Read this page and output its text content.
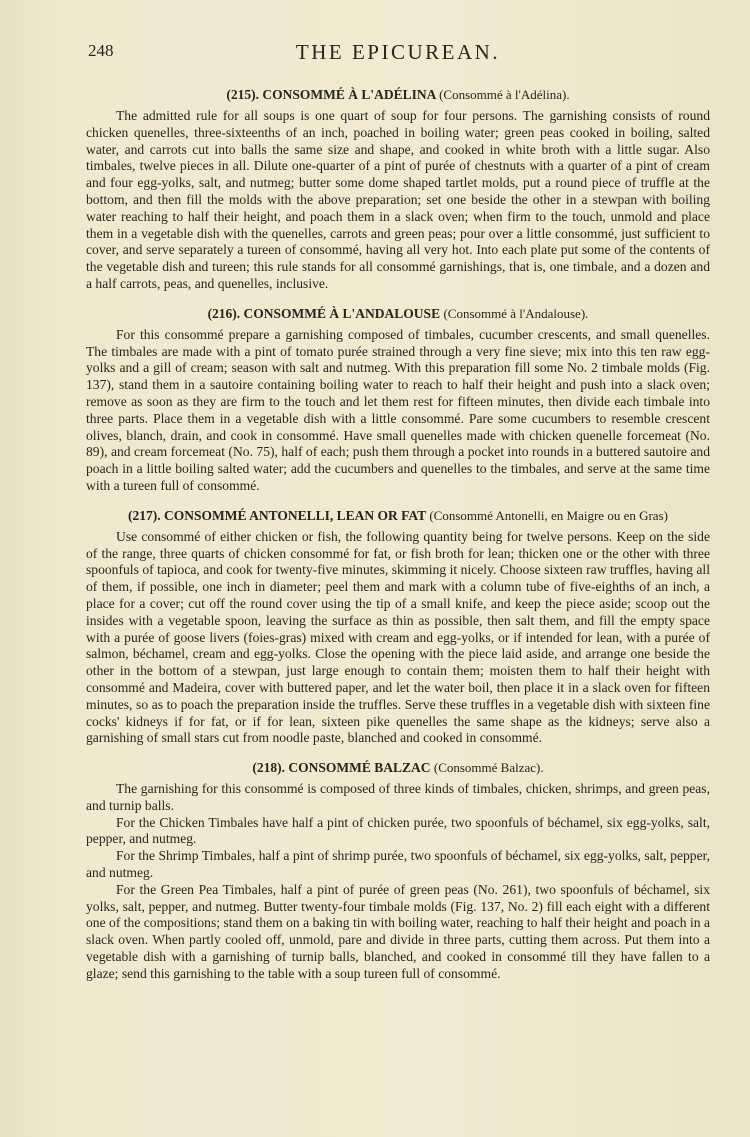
248	THE EPICUREAN.
(215). CONSOMMÉ À L'ADÉLINA (Consommé à l'Adélina).

The admitted rule for all soups is one quart of soup for four persons. The garnishing consists of round chicken quenelles, three-sixteenths of an inch, poached in boiling water; green peas cooked in boiling, salted water, and carrots cut into balls the same size and shape, and cooked in white broth with a little sugar. Also timbales, twelve pieces in all. Dilute one-quarter of a pint of purée of chestnuts with a quarter of a pint of cream and four egg-yolks, salt, and nutmeg; butter some dome shaped tartlet molds, put a round piece of truffle at the bottom, and then fill the molds with the above preparation; set one beside the other in a stewpan with boiling water reaching to half their height, and poach them in a slack oven; when firm to the touch, unmold and place them in a vegetable dish with the quenelles, carrots and green peas; pour over a little consommé, just sufficient to cover, and serve separately a tureen of consommé, having all very hot. Into each plate put some of the contents of the vegetable dish and tureen; this rule stands for all consommé garnishings, that is, one timbale, and a dozen and a half carrots, peas, and quenelles, inclusive.

(216). CONSOMMÉ À L'ANDALOUSE (Consommé à l'Andalouse).

For this consommé prepare a garnishing composed of timbales, cucumber crescents, and small quenelles. The timbales are made with a pint of tomato purée strained through a very fine sieve; mix into this ten raw egg-yolks and a gill of cream; season with salt and nutmeg. With this preparation fill some No. 2 timbale molds (Fig. 137), stand them in a sautoire containing boiling water to reach to half their height and push into a slack oven; remove as soon as they are firm to the touch and let them rest for fifteen minutes, then divide each timbale into three parts. Place them in a vegetable dish with a little consommé. Pare some cucumbers to resemble crescent olives, blanch, drain, and cook in consommé. Have small quenelles made with chicken quenelle forcemeat (No. 89), and cream forcemeat (No. 75), half of each; push them through a pocket into rounds in a buttered sautoire and poach in a little boiling salted water; add the cucumbers and quenelles to the timbales, and serve at the same time with a tureen full of consommé.

(217). CONSOMMÉ ANTONELLI, LEAN OR FAT (Consommé Antonelli, en Maigre ou en Gras)

Use consommé of either chicken or fish, the following quantity being for twelve persons. Keep on the side of the range, three quarts of chicken consommé for fat, or fish broth for lean; thicken one or the other with three spoonfuls of tapioca, and cook for twenty-five minutes, skimming it nicely. Choose sixteen raw truffles, having all of them, if possible, one inch in diameter; peel them and mark with a column tube of five-eighths of an inch, a place for a cover; cut off the round cover using the tip of a small knife, and keep the piece aside; scoop out the insides with a vegetable spoon, leaving the surface as thin as possible, then salt them, and fill the empty space with a purée of goose livers (foies-gras) mixed with cream and egg-yolks, or if intended for lean, with a purée of salmon, béchamel, cream and egg-yolks. Close the opening with the piece laid aside, and arrange one beside the other in the bottom of a stewpan, just large enough to contain them; moisten them to half their height with consommé and Madeira, cover with buttered paper, and let the water boil, then place it in a slack oven for fifteen minutes, so as to poach the preparation inside the truffles. Serve these truffles in a vegetable dish with sixteen fine cocks' kidneys if for fat, or if for lean, sixteen pike quenelles the same shape as the kidneys; serve also a garnishing of small stars cut from noodle paste, blanched and cooked in consommé.

(218). CONSOMMÉ BALZAC (Consommé Balzac).

The garnishing for this consommé is composed of three kinds of timbales, chicken, shrimps, and green peas, and turnip balls.

For the Chicken Timbales have half a pint of chicken purée, two spoonfuls of béchamel, six egg-yolks, salt, pepper, and nutmeg.

For the Shrimp Timbales, half a pint of shrimp purée, two spoonfuls of béchamel, six egg-yolks, salt, pepper, and nutmeg.

For the Green Pea Timbales, half a pint of purée of green peas (No. 261), two spoonfuls of béchamel, six yolks, salt, pepper, and nutmeg. Butter twenty-four timbale molds (Fig. 137, No. 2) fill each eight with a different one of the compositions; stand them on a baking tin with boiling water, reaching to half their height and poach in a slack oven. When partly cooled off, unmold, pare and divide in three parts, cutting them across. Put them into a vegetable dish with a garnishing of turnip balls, blanched, and cooked in consommé till they have fallen to a glaze; send this garnishing to the table with a soup tureen full of consommé.
